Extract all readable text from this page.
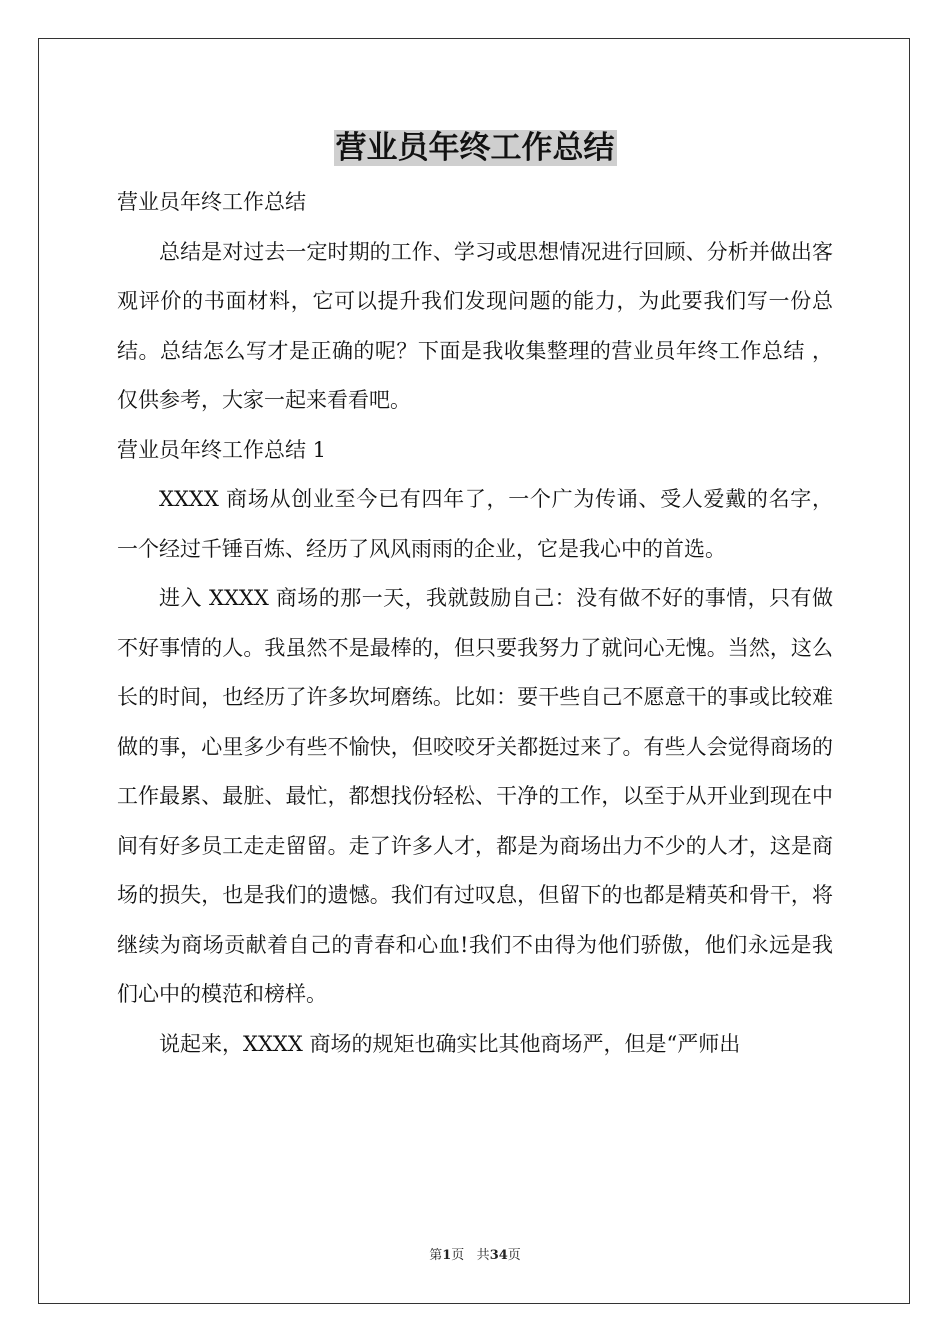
营业员年终工作总结

营业员年终工作总结

总结是对过去一定时期的工作、学习或思想情况进行回顾、分析并做出客观评价的书面材料，它可以提升我们发现问题的能力，为此要我们写一份总结。总结怎么写才是正确的呢？下面是我收集整理的营业员年终工作总结 ，仅供参考，大家一起来看看吧。

营业员年终工作总结 1

XXXX 商场从创业至今已有四年了，一个广为传诵、受人爱戴的名字，一个经过千锤百炼、经历了风风雨雨的企业，它是我心中的首选。

进入 XXXX 商场的那一天，我就鼓励自己：没有做不好的事情，只有做不好事情的人。我虽然不是最棒的，但只要我努力了就问心无愧。当然，这么长的时间，也经历了许多坎坷磨练。比如：要干些自己不愿意干的事或比较难做的事，心里多少有些不愉快，但咬咬牙关都挺过来了。有些人会觉得商场的工作最累、最脏、最忙，都想找份轻松、干净的工作，以至于从开业到现在中间有好多员工走走留留。走了许多人才，都是为商场出力不少的人才，这是商场的损失，也是我们的遗憾。我们有过叹息，但留下的也都是精英和骨干，将继续为商场贡献着自己的青春和心血!我们不由得为他们骄傲，他们永远是我们心中的模范和榜样。

说起来，XXXX 商场的规矩也确实比其他商场严，但是“严师出

第1页 共34页
